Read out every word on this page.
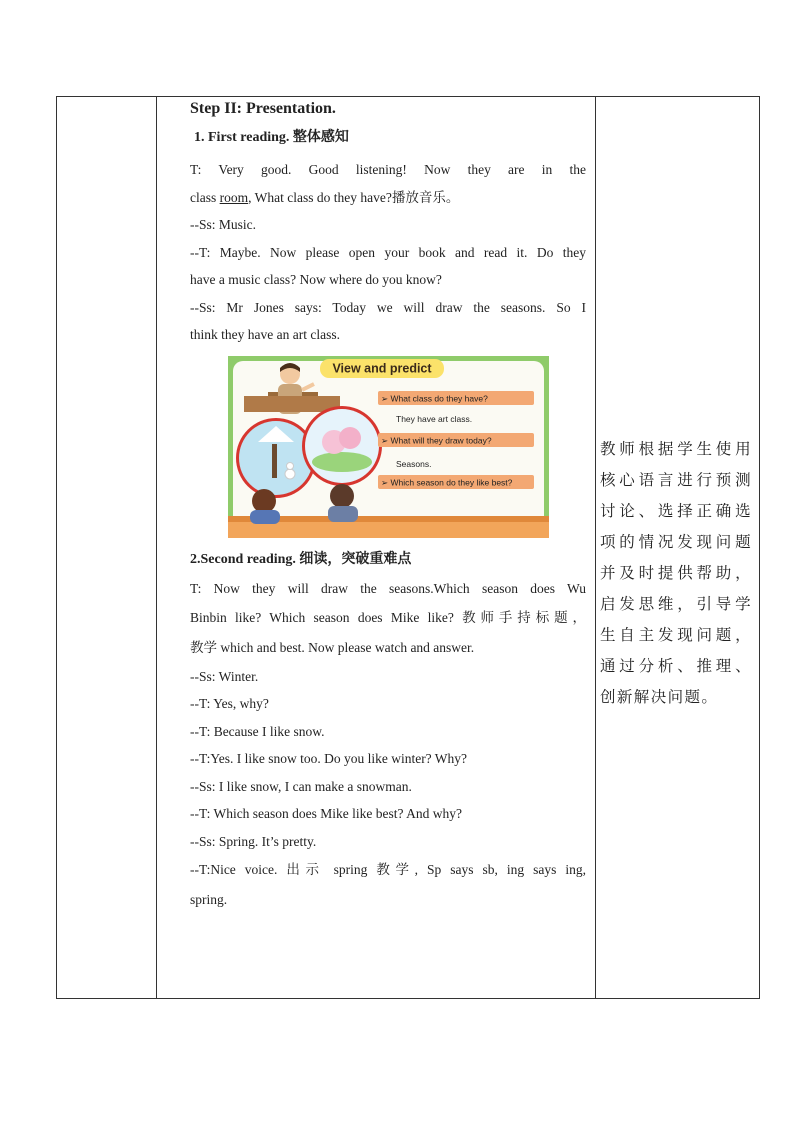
Step II: Presentation.
1. First reading. 整体感知

T: Very good. Good listening! Now they are in the

class room, What class do they have?播放音乐。

--Ss: Music.

--T: Maybe. Now please open your book and read it. Do they

have a music class? Now where do you know?

--Ss: Mr Jones says: Today we will draw the seasons. So I

think they have an art class.

View and predict
➢ What class do they have?
They have art class.
➢ What will they draw today?
Seasons.
➢ Which season do they like best?
2.Second reading. 细读，突破重难点

T: Now they will draw the seasons.Which season does Wu

Binbin like? Which season does Mike like? 教师手持标题，

教学 which and best. Now please watch and answer.

--Ss: Winter.

--T: Yes, why?

--T: Because I like snow.

--T:Yes. I like snow too. Do you like winter? Why?

--Ss: I like snow, I can make a snowman.

--T: Which season does Mike like best? And why?

--Ss: Spring. It’s pretty.

--T:Nice voice. 出示 spring 教学, Sp says sb, ing says ing,

spring.

教师根据学生使用核心语言进行预测讨论、选择正确选项的情况发现问题并及时提供帮助，启发思维，引导学生自主发现问题，通过分析、推理、创新解决问题。
